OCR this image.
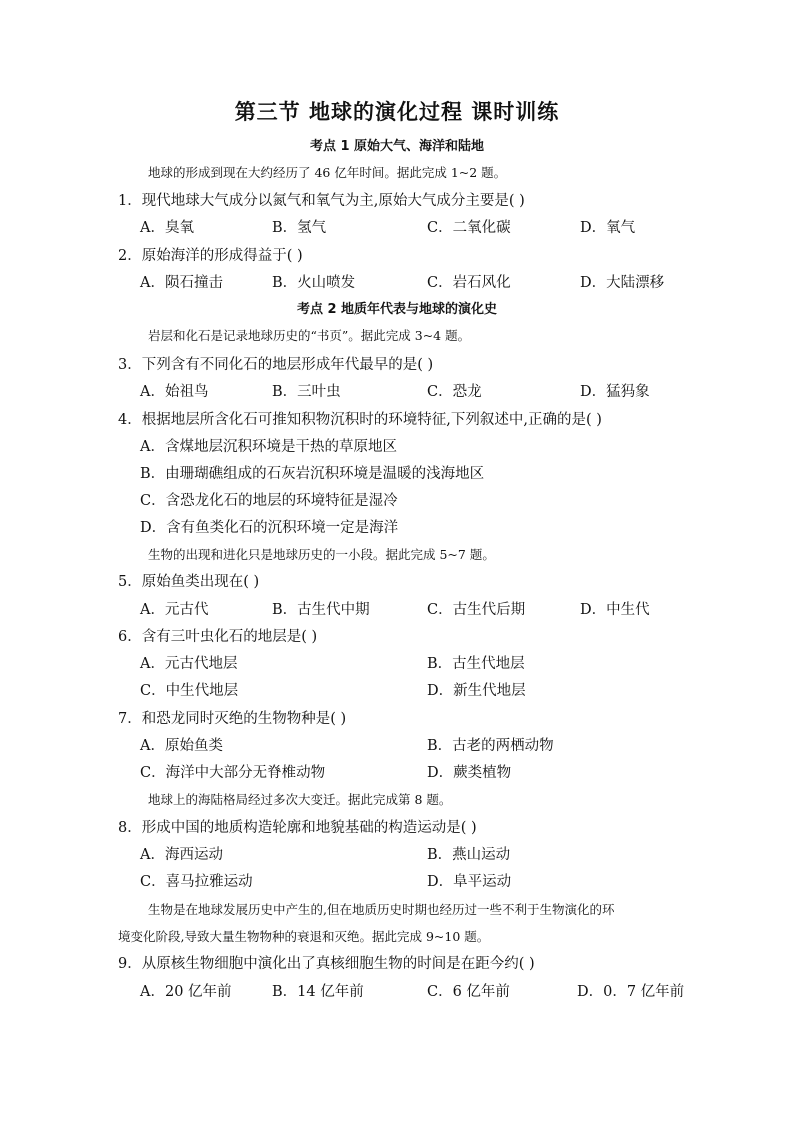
第三节 地球的演化过程 课时训练
考点 1 原始大气、海洋和陆地
地球的形成到现在大约经历了 46 亿年时间。据此完成 1~2 题。
1．现代地球大气成分以氮气和氧气为主,原始大气成分主要是( )
A．臭氧	B．氢气	C．二氧化碳	D．氧气
2．原始海洋的形成得益于( )
A．陨石撞击	B．火山喷发	C．岩石风化	D．大陆漂移
考点 2 地质年代表与地球的演化史
岩层和化石是记录地球历史的“书页”。据此完成 3~4 题。
3．下列含有不同化石的地层形成年代最早的是( )
A．始祖鸟	B．三叶虫	C．恐龙	D．猛犸象
4．根据地层所含化石可推知积物沉积时的环境特征,下列叙述中,正确的是( )
A．含煤地层沉积环境是干热的草原地区
B．由珊瑚礁组成的石灰岩沉积环境是温暖的浅海地区
C．含恐龙化石的地层的环境特征是湿冷
D．含有鱼类化石的沉积环境一定是海洋
生物的出现和进化只是地球历史的一小段。据此完成 5~7 题。
5．原始鱼类出现在( )
A．元古代	B．古生代中期	C．古生代后期	D．中生代
6．含有三叶虫化石的地层是( )
A．元古代地层	B．古生代地层
C．中生代地层	D．新生代地层
7．和恐龙同时灭绝的生物物种是( )
A．原始鱼类	B．古老的两栖动物
C．海洋中大部分无脊椎动物	D．蕨类植物
地球上的海陆格局经过多次大变迁。据此完成第 8 题。
8．形成中国的地质构造轮廓和地貌基础的构造运动是( )
A．海西运动	B．燕山运动
C．喜马拉雅运动	D．阜平运动
生物是在地球发展历史中产生的,但在地质历史时期也经历过一些不利于生物演化的环
境变化阶段,导致大量生物物种的衰退和灭绝。据此完成 9~10 题。
9．从原核生物细胞中演化出了真核细胞生物的时间是在距今约( )
A．20 亿年前	B．14 亿年前	C．6 亿年前	D．0．7 亿年前
